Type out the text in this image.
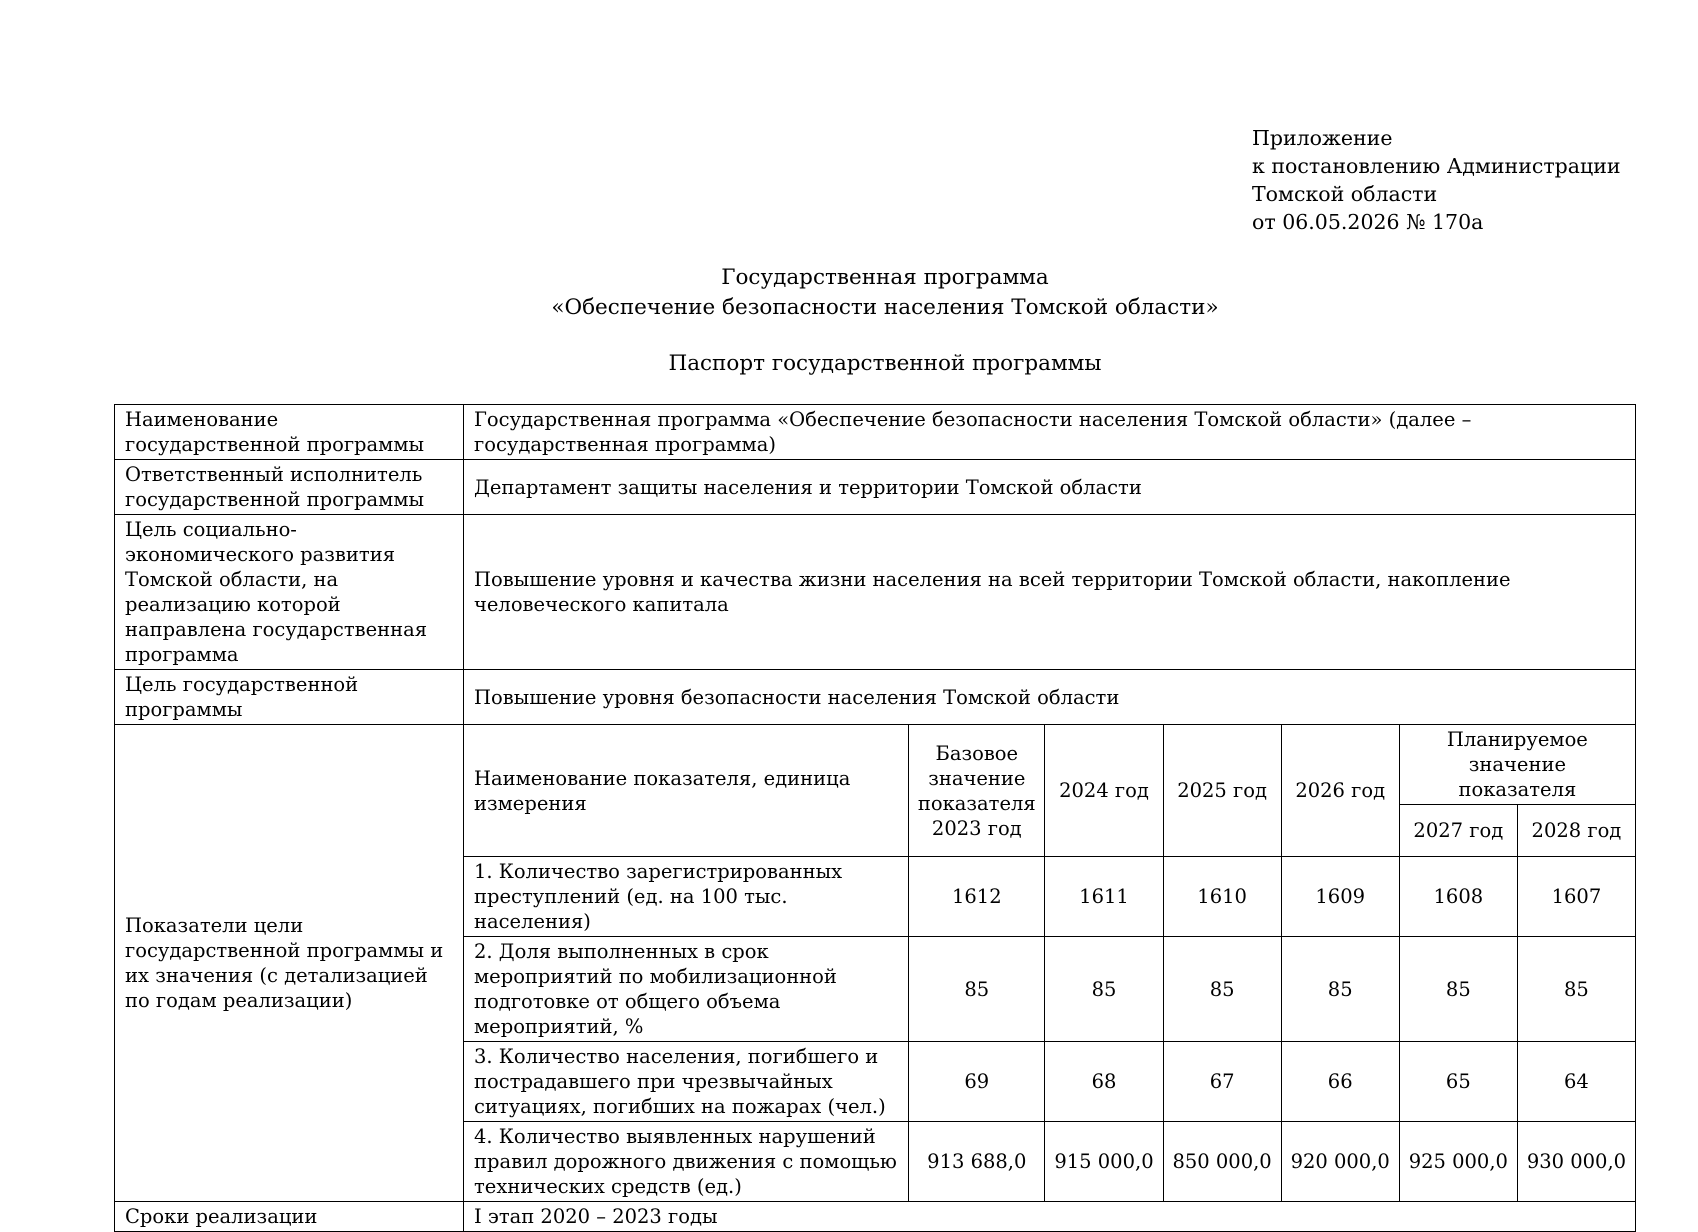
Приложение
к постановлению Администрации
Томской области
от 06.05.2026 № 170а
Государственная программа
«Обеспечение безопасности населения Томской области»
Паспорт государственной программы
Наименование государственной программы	Государственная программа «Обеспечение безопасности населения Томской области» (далее – государственная программа)
Ответственный исполнитель государственной программы	Департамент защиты населения и территории Томской области
Цель социально-экономического развития Томской области, на реализацию которой направлена государственная программа	Повышение уровня и качества жизни населения на всей территории Томской области, накопление человеческого капитала
Цель государственной программы	Повышение уровня безопасности населения Томской области
Показатели цели государственной программы и их значения (с детализацией по годам реализации)	
Наименование показателя, единица измерения	Базовое значение показателя 2023 год	2024 год	2025 год	2026 год	Планируемое значение показателя
2027 год	2028 год
1. Количество зарегистрированных преступлений (ед. на 100 тыс. населения)	1612	1611	1610	1609	1608	1607
2. Доля выполненных в срок мероприятий по мобилизационной подготовке от общего объема мероприятий, %	85	85	85	85	85	85
3. Количество населения, погибшего и пострадавшего при чрезвычайных ситуациях, погибших на пожарах (чел.)	69	68	67	66	65	64
4. Количество выявленных нарушений правил дорожного движения с помощью технических средств (ед.)	913 688,0	915 000,0	850 000,0	920 000,0	925 000,0	930 000,0

Сроки реализации	I этап 2020 – 2023 годы
